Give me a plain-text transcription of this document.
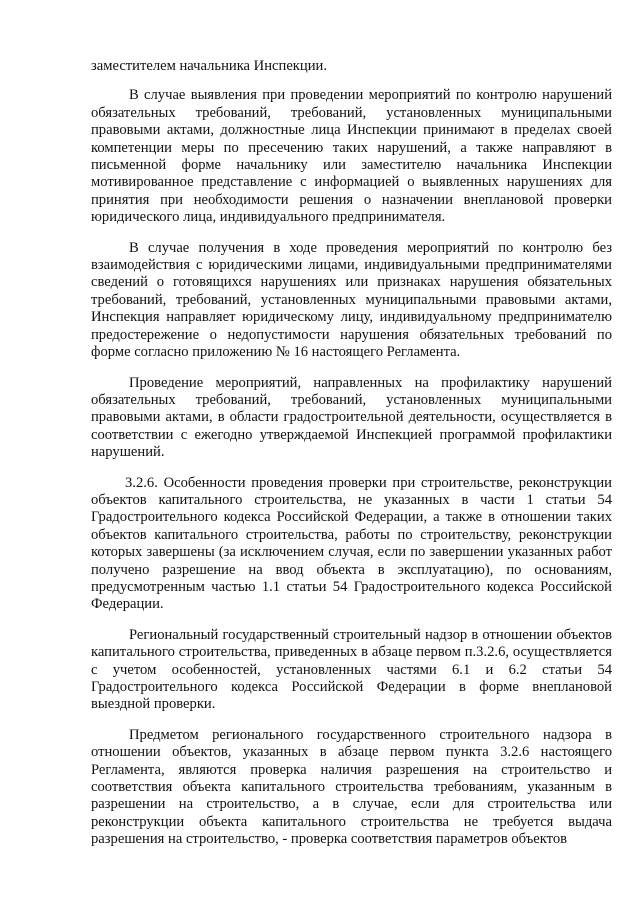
заместителем начальника Инспекции.

В случае выявления при проведении мероприятий по контролю нарушений обязательных требований, требований, установленных муниципальными правовыми актами, должностные лица Инспекции принимают в пределах своей компетенции меры по пресечению таких нарушений, а также направляют в письменной форме начальнику или заместителю начальника Инспекции мотивированное представление с информацией о выявленных нарушениях для принятия при необходимости решения о назначении внеплановой проверки юридического лица, индивидуального предпринимателя.

В случае получения в ходе проведения мероприятий по контролю без взаимодействия с юридическими лицами, индивидуальными предпринимателями сведений о готовящихся нарушениях или признаках нарушения обязательных требований, требований, установленных муниципальными правовыми актами, Инспекция направляет юридическому лицу, индивидуальному предпринимателю предостережение о недопустимости нарушения обязательных требований по форме согласно приложению № 16 настоящего Регламента.

Проведение мероприятий, направленных на профилактику нарушений обязательных требований, требований, установленных муниципальными правовыми актами, в области градостроительной деятельности, осуществляется в соответствии с ежегодно утверждаемой Инспекцией программой профилактики нарушений.

3.2.6. Особенности проведения проверки при строительстве, реконструкции объектов капитального строительства, не указанных в части 1 статьи 54 Градостроительного кодекса Российской Федерации, а также в отношении таких объектов капитального строительства, работы по строительству, реконструкции которых завершены (за исключением случая, если по завершении указанных работ получено разрешение на ввод объекта в эксплуатацию), по основаниям, предусмотренным частью 1.1 статьи 54 Градостроительного кодекса Российской Федерации.

Региональный государственный строительный надзор в отношении объектов капитального строительства, приведенных в абзаце первом п.3.2.6, осуществляется с учетом особенностей, установленных частями 6.1 и 6.2 статьи 54 Градостроительного кодекса Российской Федерации в форме внеплановой выездной проверки.

Предметом регионального государственного строительного надзора в отношении объектов, указанных в абзаце первом пункта 3.2.6 настоящего Регламента, являются проверка наличия разрешения на строительство и соответствия объекта капитального строительства требованиям, указанным в разрешении на строительство, а в случае, если для строительства или реконструкции объекта капитального строительства не требуется выдача разрешения на строительство, - проверка соответствия параметров объектов
